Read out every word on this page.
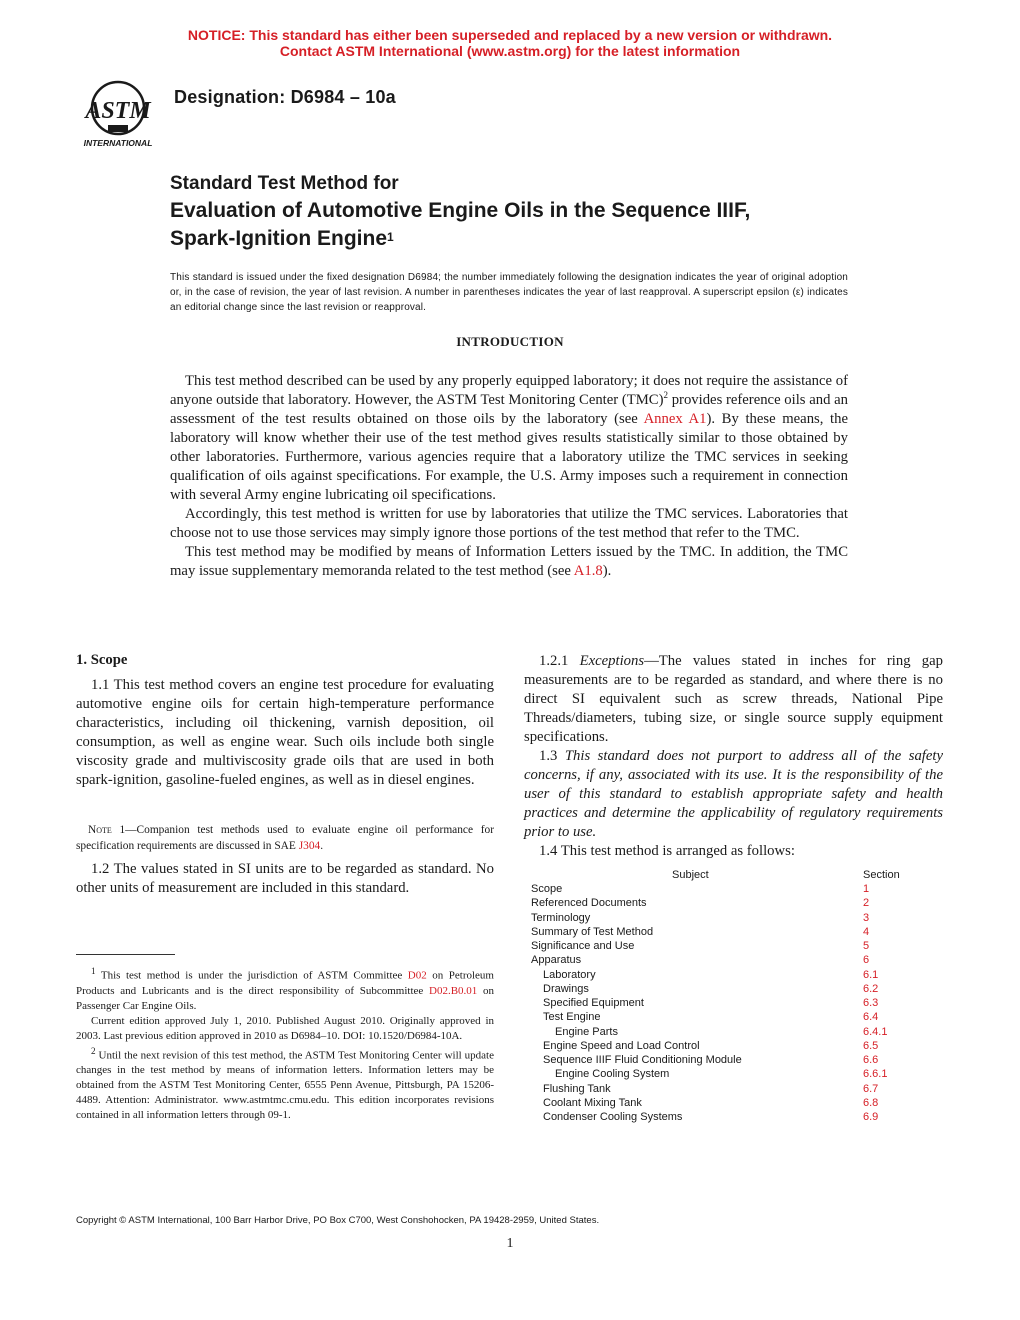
NOTICE: This standard has either been superseded and replaced by a new version or withdrawn.
Contact ASTM International (www.astm.org) for the latest information
ASTM
INTERNATIONAL
Designation: D6984 – 10a
Standard Test Method for
Evaluation of Automotive Engine Oils in the Sequence IIIF,
Spark-Ignition Engine$^1$
This standard is issued under the fixed designation D6984; the number immediately following the designation indicates the year of original adoption or, in the case of revision, the year of last revision. A number in parentheses indicates the year of last reapproval. A superscript epsilon (ε) indicates an editorial change since the last revision or reapproval.
INTRODUCTION

This test method described can be used by any properly equipped laboratory; it does not require the assistance of anyone outside that laboratory. However, the ASTM Test Monitoring Center (TMC)$^2$ provides reference oils and an assessment of the test results obtained on those oils by the laboratory (see Annex A1). By these means, the laboratory will know whether their use of the test method gives results statistically similar to those obtained by other laboratories. Furthermore, various agencies require that a laboratory utilize the TMC services in seeking qualification of oils against specifications. For example, the U.S. Army imposes such a requirement in connection with several Army engine lubricating oil specifications.

Accordingly, this test method is written for use by laboratories that utilize the TMC services. Laboratories that choose not to use those services may simply ignore those portions of the test method that refer to the TMC.

This test method may be modified by means of Information Letters issued by the TMC. In addition, the TMC may issue supplementary memoranda related to the test method (see A1.8).

1. Scope

1.1 This test method covers an engine test procedure for evaluating automotive engine oils for certain high-temperature performance characteristics, including oil thickening, varnish deposition, oil consumption, as well as engine wear. Such oils include both single viscosity grade and multiviscosity grade oils that are used in both spark-ignition, gasoline-fueled engines, as well as in diesel engines.

Note 1—Companion test methods used to evaluate engine oil performance for specification requirements are discussed in SAE J304.

1.2 The values stated in SI units are to be regarded as standard. No other units of measurement are included in this standard.

$^1$ This test method is under the jurisdiction of ASTM Committee D02 on Petroleum Products and Lubricants and is the direct responsibility of Subcommittee D02.B0.01 on Passenger Car Engine Oils.

Current edition approved July 1, 2010. Published August 2010. Originally approved in 2003. Last previous edition approved in 2010 as D6984–10. DOI: 10.1520/D6984-10A.

$^2$ Until the next revision of this test method, the ASTM Test Monitoring Center will update changes in the test method by means of information letters. Information letters may be obtained from the ASTM Test Monitoring Center, 6555 Penn Avenue, Pittsburgh, PA 15206-4489. Attention: Administrator. www.astmtmc.cmu.edu. This edition incorporates revisions contained in all information letters through 09-1.

1.2.1 Exceptions—The values stated in inches for ring gap measurements are to be regarded as standard, and where there is no direct SI equivalent such as screw threads, National Pipe Threads/diameters, tubing size, or single source supply equipment specifications.

1.3 This standard does not purport to address all of the safety concerns, if any, associated with its use. It is the responsibility of the user of this standard to establish appropriate safety and health practices and determine the applicability of regulatory requirements prior to use.

1.4 This test method is arranged as follows:

Subject	Section
Scope	1
Referenced Documents	2
Terminology	3
Summary of Test Method	4
Significance and Use	5
Apparatus	6
Laboratory	6.1
Drawings	6.2
Specified Equipment	6.3
Test Engine	6.4
Engine Parts	6.4.1
Engine Speed and Load Control	6.5
Sequence IIIF Fluid Conditioning Module	6.6
Engine Cooling System	6.6.1
Flushing Tank	6.7
Coolant Mixing Tank	6.8
Condenser Cooling Systems	6.9
Copyright © ASTM International, 100 Barr Harbor Drive, PO Box C700, West Conshohocken, PA 19428-2959, United States.
1
